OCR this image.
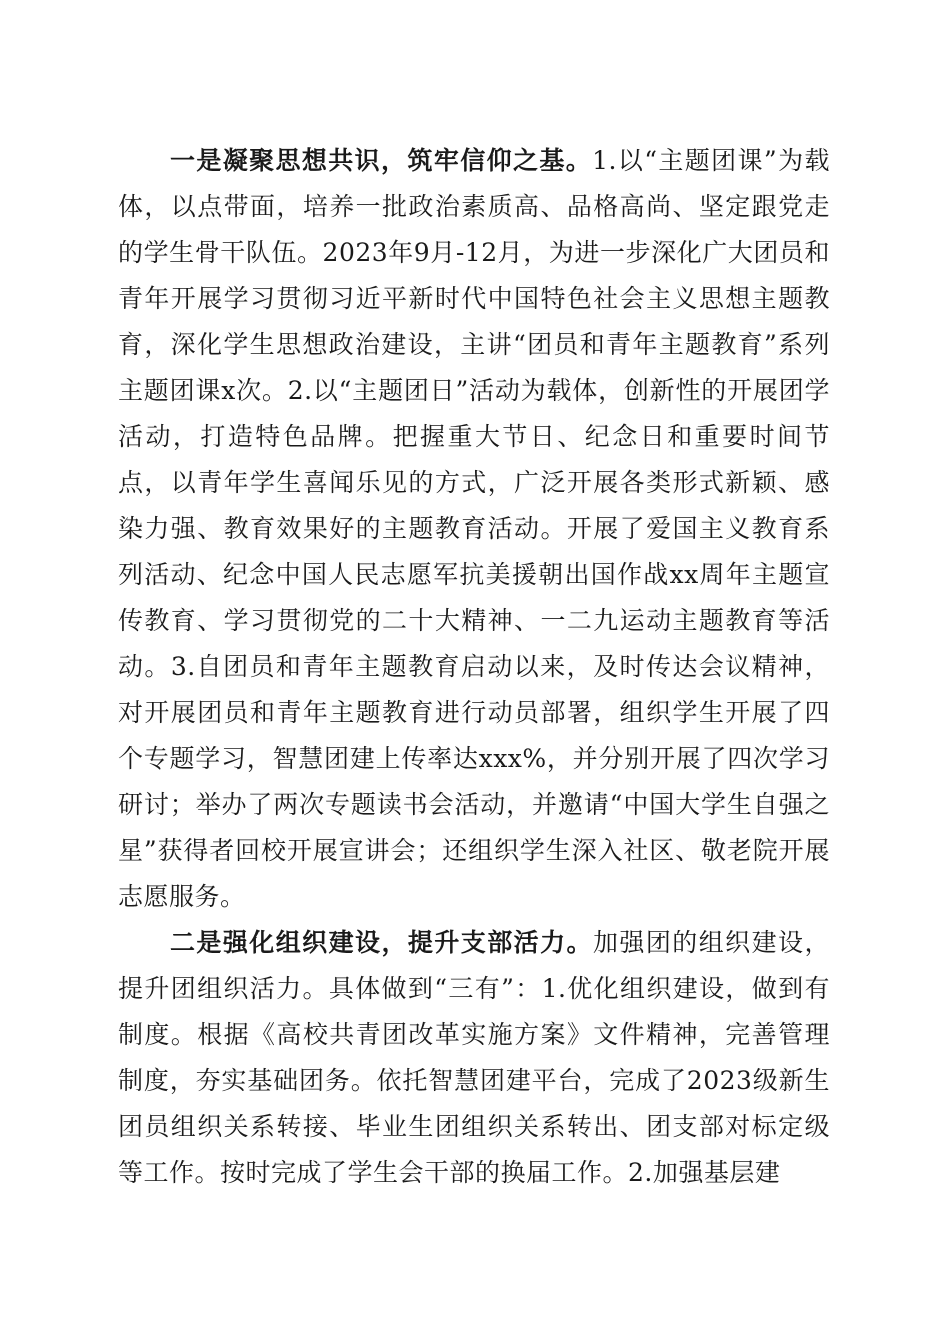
一是凝聚思想共识，筑牢信仰之基。1.以“主题团课”为载体，以点带面，培养一批政治素质高、品格高尚、坚定跟党走的学生骨干队伍。2023年9月-12月，为进一步深化广大团员和青年开展学习贯彻习近平新时代中国特色社会主义思想主题教育，深化学生思想政治建设，主讲“团员和青年主题教育”系列主题团课x次。2.以“主题团日”活动为载体，创新性的开展团学活动，打造特色品牌。把握重大节日、纪念日和重要时间节点，以青年学生喜闻乐见的方式，广泛开展各类形式新颖、感染力强、教育效果好的主题教育活动。开展了爱国主义教育系列活动、纪念中国人民志愿军抗美援朝出国作战xx周年主题宣传教育、学习贯彻党的二十大精神、一二九运动主题教育等活动。3.自团员和青年主题教育启动以来，及时传达会议精神，对开展团员和青年主题教育进行动员部署，组织学生开展了四个专题学习，智慧团建上传率达xxx%，并分别开展了四次学习研讨；举办了两次专题读书会活动，并邀请“中国大学生自强之星”获得者回校开展宣讲会；还组织学生深入社区、敬老院开展志愿服务。

二是强化组织建设，提升支部活力。加强团的组织建设，提升团组织活力。具体做到“三有”：1.优化组织建设，做到有制度。根据《高校共青团改革实施方案》文件精神，完善管理制度，夯实基础团务。依托智慧团建平台，完成了2023级新生团员组织关系转接、毕业生团组织关系转出、团支部对标定级等工作。按时完成了学生会干部的换届工作。2.加强基层建
